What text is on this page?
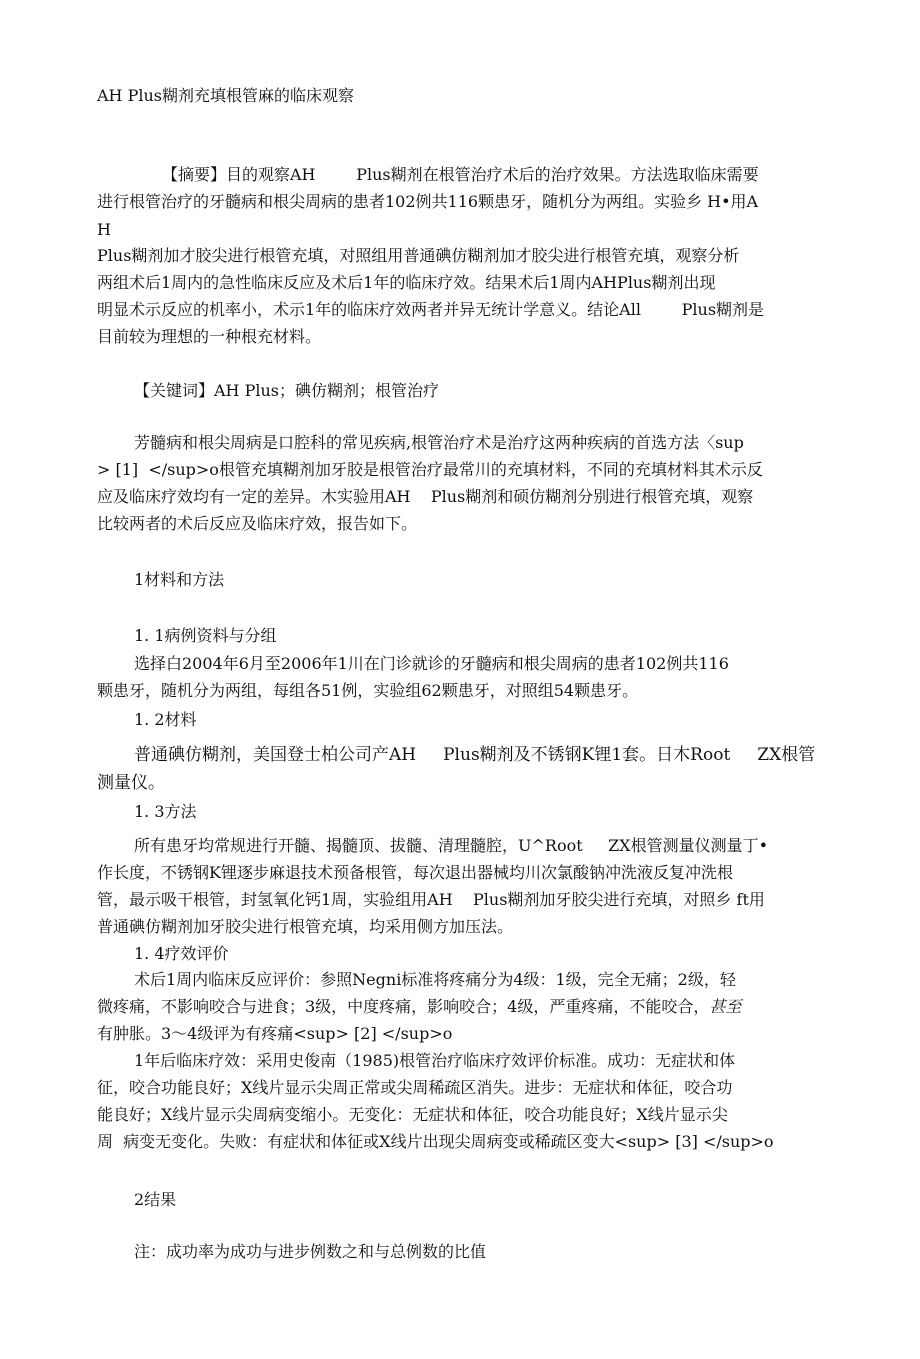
AH Plus糊剂充填根管麻的临床观察

【摘要】目的观察AH        Plus糊剂在根管治疗术后的治疗效果。方法选取临床需要

进行根管治疗的牙髓病和根尖周病的患者102例共116颗患牙，随机分为两组。实验乡 H•用A

H

Plus糊剂加才胶尖进行根管充填，对照组用普通碘仿糊剂加才胶尖进行根管充填，观察分析

两组术后1周内的急性临床反应及术后1年的临床疗效。结果术后1周内AHPlus糊剂出现

明显术示反应的机率小，术示1年的临床疗效两者并异无统计学意义。结论All        Plus糊剂是

目前较为理想的一种根充材料。

【关键词】AH Plus；碘仿糊剂；根管治疗

芳髓病和根尖周病是口腔科的常见疾病,根管治疗术是治疗这两种疾病的首选方法〈sup

> [1]  </sup>o根管充填糊剂加牙胶是根管治疗最常川的充填材料，不同的充填材料其术示反

应及临床疗效均有一定的差异。木实验用AH    Plus糊剂和硕仿糊剂分别进行根管充填，观察

比较两者的术后反应及临床疗效，报告如下。

1材料和方法

1. 1病例资料与分组

选择白2004年6月至2006年1川在门诊就诊的牙髓病和根尖周病的患者102例共116

颗患牙，随机分为两组，每组各51例，实验组62颗患牙，对照组54颗患牙。

1. 2材料

普通碘仿糊剂，美国登士柏公司产AH     Plus糊剂及不锈钢K锂1套。日木Root     ZX根管

测量仪。

1. 3方法

所有患牙均常规进行开髓、揭髓顶、拔髓、清理髓腔，U^Root     ZX根管测量仪测量丁•

作长度，不锈钢K锂逐步麻退技术预备根管，每次退出器械均川次氯酸钠冲洗液反复冲洗根

管，最示吸干根管，封氢氧化钙1周，实验组用AH    Plus糊剂加牙胶尖进行充填，对照乡 ft用

普通碘仿糊剂加牙胶尖进行根管充填，均采用侧方加压法。

1. 4疗效评价

术后1周内临床反应评价：参照Negni标准将疼痛分为4级：1级，完全无痛；2级，轻

微疼痛，不影响咬合与进食；3级，中度疼痛，影响咬合；4级，严重疼痛，不能咬合，甚至

有肿胀。3〜4级评为有疼痛<sup> [2] </sup>o

1年后临床疗效：采用史俊南（1985)根管治疗临床疗效评价标准。成功：无症状和体

征，咬合功能良好；X线片显示尖周正常或尖周稀疏区消失。进步：无症状和体征，咬合功

能良好；X线片显示尖周病变缩小。无变化：无症状和体征，咬合功能良好；X线片显示尖

周  病变无变化。失败：有症状和体征或X线片出现尖周病变或稀疏区变大<sup> [3] </sup>o

2结果

注：成功率为成功与进步例数之和与总例数的比值
